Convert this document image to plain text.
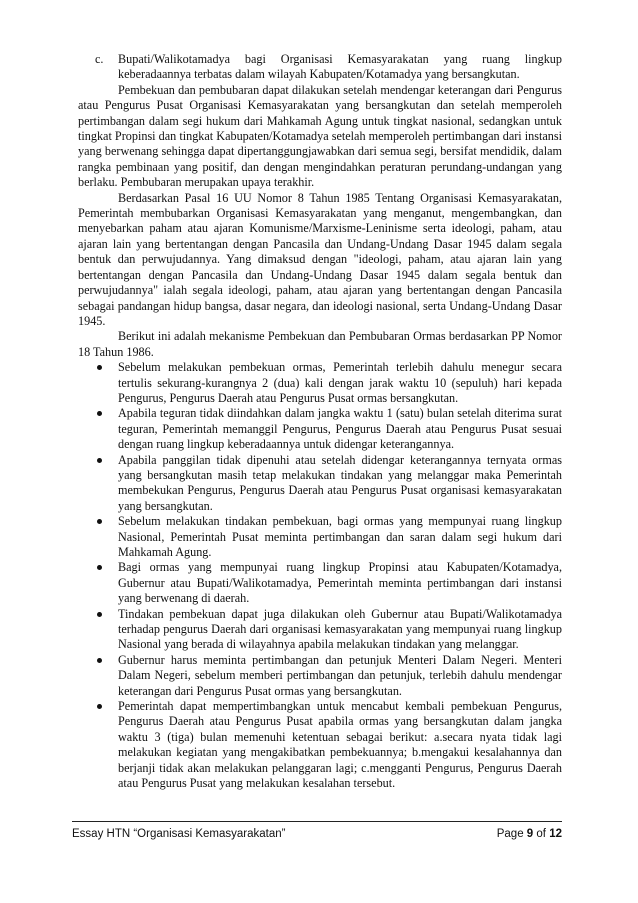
c.	Bupati/Walikotamadya bagi Organisasi Kemasyarakatan yang ruang lingkup keberadaannya terbatas dalam wilayah Kabupaten/Kotamadya yang bersangkutan.

Pembekuan dan pembubaran dapat dilakukan setelah mendengar keterangan dari Pengurus atau Pengurus Pusat Organisasi Kemasyarakatan yang bersangkutan dan setelah memperoleh pertimbangan dalam segi hukum dari Mahkamah Agung untuk tingkat nasional, sedangkan untuk tingkat Propinsi dan tingkat Kabupaten/Kotamadya setelah memperoleh pertimbangan dari instansi yang berwenang sehingga dapat dipertanggungjawabkan dari semua segi, bersifat mendidik, dalam rangka pembinaan yang positif, dan dengan mengindahkan peraturan perundang-undangan yang berlaku. Pembubaran merupakan upaya terakhir.

Berdasarkan Pasal 16 UU Nomor 8 Tahun 1985 Tentang Organisasi Kemasyarakatan, Pemerintah membubarkan Organisasi Kemasyarakatan yang menganut, mengembangkan, dan menyebarkan paham atau ajaran Komunisme/Marxisme-Leninisme serta ideologi, paham, atau ajaran lain yang bertentangan dengan Pancasila dan Undang-Undang Dasar 1945 dalam segala bentuk dan perwujudannya. Yang dimaksud dengan "ideologi, paham, atau ajaran lain yang bertentangan dengan Pancasila dan Undang-Undang Dasar 1945 dalam segala bentuk dan perwujudannya" ialah segala ideologi, paham, atau ajaran yang bertentangan dengan Pancasila sebagai pandangan hidup bangsa, dasar negara, dan ideologi nasional, serta Undang-Undang Dasar 1945.

Berikut ini adalah mekanisme Pembekuan dan Pembubaran Ormas berdasarkan PP Nomor 18 Tahun 1986.

Sebelum melakukan pembekuan ormas, Pemerintah terlebih dahulu menegur secara tertulis sekurang-kurangnya 2 (dua) kali dengan jarak waktu 10 (sepuluh) hari kepada Pengurus, Pengurus Daerah atau Pengurus Pusat ormas bersangkutan.
Apabila teguran tidak diindahkan dalam jangka waktu 1 (satu) bulan setelah diterima surat teguran, Pemerintah memanggil Pengurus, Pengurus Daerah atau Pengurus Pusat sesuai dengan ruang lingkup keberadaannya untuk didengar keterangannya.
Apabila panggilan tidak dipenuhi atau setelah didengar keterangannya ternyata ormas yang bersangkutan masih tetap melakukan tindakan yang melanggar maka Pemerintah membekukan Pengurus, Pengurus Daerah atau Pengurus Pusat organisasi kemasyarakatan yang bersangkutan.
Sebelum melakukan tindakan pembekuan, bagi ormas yang mempunyai ruang lingkup Nasional, Pemerintah Pusat meminta pertimbangan dan saran dalam segi hukum dari Mahkamah Agung.
Bagi ormas yang mempunyai ruang lingkup Propinsi atau Kabupaten/Kotamadya, Gubernur atau Bupati/Walikotamadya, Pemerintah meminta pertimbangan dari instansi yang berwenang di daerah.
Tindakan pembekuan dapat juga dilakukan oleh Gubernur atau Bupati/Walikotamadya terhadap pengurus Daerah dari organisasi kemasyarakatan yang mempunyai ruang lingkup Nasional yang berada di wilayahnya apabila melakukan tindakan yang melanggar.
Gubernur harus meminta pertimbangan dan petunjuk Menteri Dalam Negeri. Menteri Dalam Negeri, sebelum memberi pertimbangan dan petunjuk, terlebih dahulu mendengar keterangan dari Pengurus Pusat ormas yang bersangkutan.
Pemerintah dapat mempertimbangkan untuk mencabut kembali pembekuan Pengurus, Pengurus Daerah atau Pengurus Pusat apabila ormas yang bersangkutan dalam jangka waktu 3 (tiga) bulan memenuhi ketentuan sebagai berikut: a.secara nyata tidak lagi melakukan kegiatan yang mengakibatkan pembekuannya; b.mengakui kesalahannya dan berjanji tidak akan melakukan pelanggaran lagi; c.mengganti Pengurus, Pengurus Daerah atau Pengurus Pusat yang melakukan kesalahan tersebut.
Essay HTN “Organisasi Kemasyarakatan”	Page 9 of 12
